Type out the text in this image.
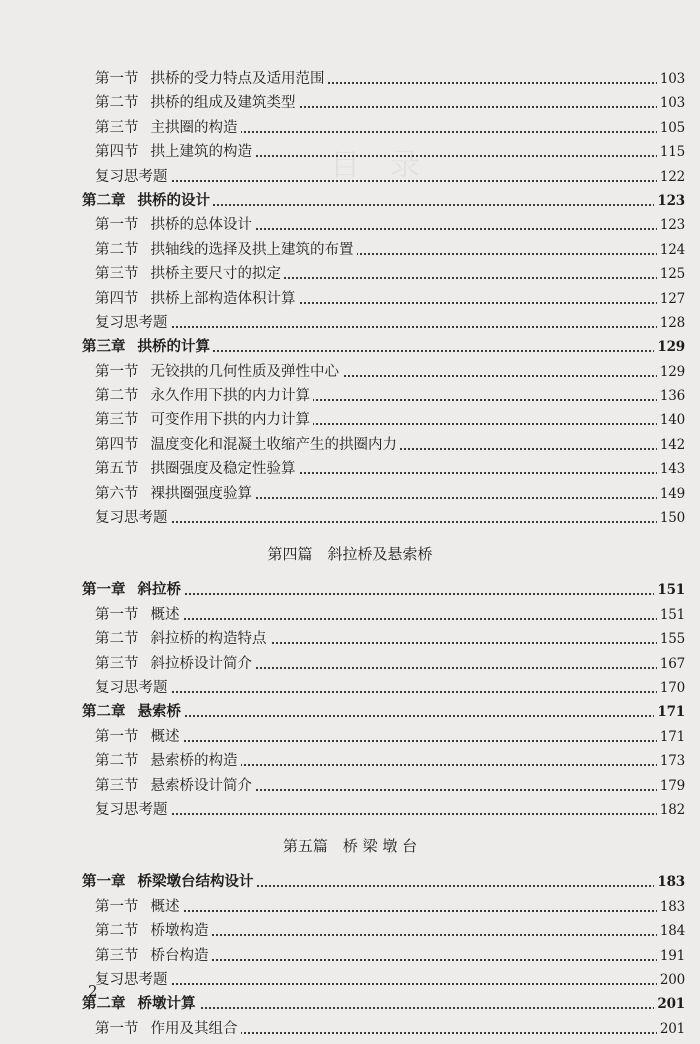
目　录
第一节 拱桥的受力特点及适用范围	103
第二节 拱桥的组成及建筑类型	103
第三节 主拱圈的构造	105
第四节 拱上建筑的构造	115
复习思考题	122
第二章 拱桥的设计	123
第一节 拱桥的总体设计	123
第二节 拱轴线的选择及拱上建筑的布置	124
第三节 拱桥主要尺寸的拟定	125
第四节 拱桥上部构造体积计算	127
复习思考题	128
第三章 拱桥的计算	129
第一节 无铰拱的几何性质及弹性中心	129
第二节 永久作用下拱的内力计算	136
第三节 可变作用下拱的内力计算	140
第四节 温度变化和混凝土收缩产生的拱圈内力	142
第五节 拱圈强度及稳定性验算	143
第六节 裸拱圈强度验算	149
复习思考题	150
第四篇　斜拉桥及悬索桥
第一章 斜拉桥	151
第一节 概述	151
第二节 斜拉桥的构造特点	155
第三节 斜拉桥设计简介	167
复习思考题	170
第二章 悬索桥	171
第一节 概述	171
第二节 悬索桥的构造	173
第三节 悬索桥设计简介	179
复习思考题	182
第五篇　桥 梁 墩 台
第一章 桥梁墩台结构设计	183
第一节 概述	183
第二节 桥墩构造	184
第三节 桥台构造	191
复习思考题	200
第二章 桥墩计算	201
第一节 作用及其组合	201
2
